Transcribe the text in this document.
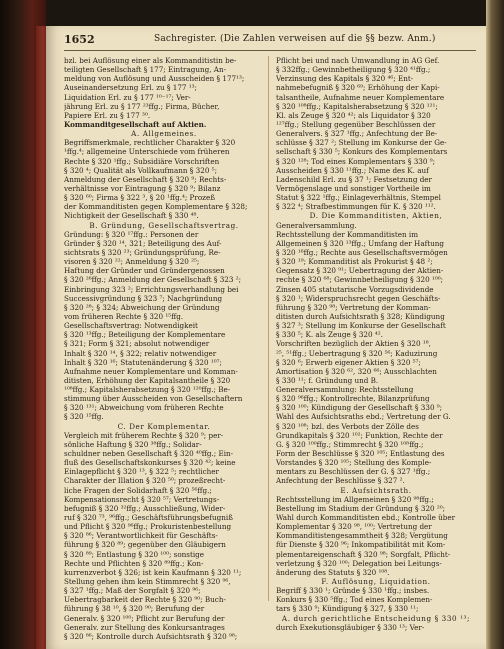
1652	Sachregister. (Die Zahlen verweisen auf die §§ bezw. Anm.)
bzl. bei Auflösung einer als Kommanditistin be-
teiligten Gesellschaft § 177; Eintragung, An-
meldung von Auflösung und Ausscheiden § 177¹³;
Auseinandersetzung Erl. zu § 177 ¹³;
Liquidation Erl. zu § 177 ¹⁰⁻¹⁷; Ver-
jährung Erl. zu § 177 ²³ffg.; Firma, Bücher,
Papiere Erl. zu § 177 ³⁰.
Kommanditgesellschaft auf Aktien.
A. Allgemeines.
Begriffsmerkmale, rechtlicher Charakter § 320
¹ffg.⁴; allgemeine Unterschiede vom früheren
Rechte § 320 ¹ffg.; Subsidiäre Vorschriften
§ 320 ⁴; Qualität als Vollkaufmann § 320 ⁵;
Anmeldung der Gesellschaft § 320 ⁹; Rechts-
verhältnisse vor Eintragung § 320 ⁹; Bilanz
§ 320 ⁶⁰; Firma § 322 ³, § 20 ¹ffg.⁴; Prozeß
der Kommanditisten gegen Komplementare § 328;
Nichtigkeit der Gesellschaft § 330 ⁴⁸.
B. Gründung, Gesellschaftsvertrag.
Gründung: § 320 ¹⁷ffg.: Personen der
Gründer § 320 ¹⁴, 321; Beteiligung des Auf-
sichtsrats § 320 ²³; Gründungsprüfung, Re-
visoren § 320 ²²; Anmeldung § 320 ²⁵;
Haftung der Gründer und Gründergenossen
§ 320 ²⁶ffg.; Anmeldung der Gesellschaft § 323 ²;
Einbringung 323 ²; Errichtungsverhandlung bei
Successivgründung § 323 ⁷; Nachgründung
§ 320 ²⁸; § 324; Abweichung der Gründung
vom früheren Rechte § 320 ¹⁵ffg.
Gesellschaftsvertrag: Notwendigkeit
§ 320 ¹³ffg.; Beteiligung der Komplementare
§ 321; Form § 321; absolut notwendiger
Inhalt § 320 ¹⁴, § 322; relativ notwendiger
Inhalt § 320 ¹⁶; Statutenänderung § 320 ¹⁰⁷;
Aufnahme neuer Komplementare und Komman-
ditisten, Erhöhung der Kapitalsantheile § 320
¹⁰⁸ffg.; Kapitalsherabsetzung § 320 ¹²⁰ffg.; Be-
stimmung über Ausscheiden von Gesellschaftern
§ 320 ¹³¹; Abweichung vom früheren Rechte
§ 320 ¹⁵ffg.
C. Der Komplementar.
Vergleich mit früherem Rechte § 320 ⁹; per-
sönliche Haftung § 320 ³⁸ffg.; Solidar-
schuldner neben Gesellschaft § 320 ⁴⁰ffg.; Ein-
fluß des Gesellschaftskonkurses § 320 ⁴²; keine
Einlagepflicht § 320 ¹³, § 322 ⁵; rechtlicher
Charakter der Illation § 320 ⁵⁰; prozeßrecht-
liche Fragen der Solidarhaft § 320 ⁵⁶ffg.;
Kompensationsrecht § 320 ⁵⁷; Vertretungs-
befugniß § 320 ³²ffg.; Ausschließung, Wider-
ruf § 320 ⁷³, ⁹⁶ffg.; Geschäftsführungsbefugniß
und Pflicht § 320 ⁹⁶ffg.; Prokuristenbestellung
§ 320 ⁸⁶; Verantwortlichkeit für Geschäfts-
führung § 320 ⁸⁹; gegenüber den Gläubigern
§ 320 ⁸⁹; Entlastung § 320 ¹⁰⁰; sonstige
Rechte und Pflichten § 320 ⁸⁹ffg.; Kon-
kurrenzverbot § 326; ist kein Kaufmann § 320 ¹¹;
Stellung gehen ihm kein Stimmrecht § 320 ⁹⁶,
§ 327 ¹ffg.; Maß der Sorgfalt § 320 ⁹⁶;
Uebertragbarkeit der Rechte § 320 ⁹⁰; Buch-
führung § 38 ¹⁰, § 320 ⁹⁰; Berufung der
Generalv. § 320 ¹⁰⁰; Pflicht zur Berufung der
Generalv. zur Stellung des Konkursantrages
§ 320 ⁸⁶; Kontrolle durch Aufsichtsrath § 320 ⁹⁸;
Pflicht bei und nach Umwandlung in AG Gef.
§ 332ffg.; Gewinnbetheiligung § 320 ⁴¹ffg.;
Verzinsung des Kapitals § 320 ⁴⁶; Ent-
nahmebefugniß § 320 ⁶⁹; Erhöhung der Kapi-
talsantheile, Aufnahme neuer Komplementare
§ 320 ¹⁰⁸ffg.; Kapitalsherabsetzung § 320 ¹²¹;
Kl. als Zeuge § 320 ⁴²; als Liquidator § 320
¹²⁷ffg.; Stellung gegenüber Beschlüssen der
Generalvers. § 327 ¹ffg.; Anfechtung der Be-
schlüsse § 327 ²; Stellung im Konkurse der Ge-
sellschaft § 330 ⁵; Konkurs des Komplementars
§ 320 ¹²⁸; Tod eines Komplementars § 330 ⁹;
Ausscheiden § 330 ¹¹ffg.; Name des K. auf
Ladenschild Erl. zu § 37 ¹; Festsetzung der
Vermögenslage und sonstiger Vortheile im
Statut § 322 ¹ffg.; Einlageverhältnis, Stempel
§ 322 ⁴; Strafbestimmungen für K. § 320 ¹¹².
D. Die Kommanditisten, Aktien,
Generalversammlung.
Rechtsstellung der Kommanditisten im
Allgemeinen § 320 ¹³ffg.; Umfang der Haftung
§ 320 ¹⁶ffg.; Rechte aus Gesellschaftsvermögen
§ 320 ¹⁹; Kommanditist als Prokurist § 48 ²;
Gegensatz § 320 ⁹¹; Uebertragung der Aktien-
rechte § 320 ⁶⁸; Gewinnbetheiligung § 320 ¹⁰⁰;
Zinsen 405 statutarische Vorzugsdividende
§ 320 ¹; Widerspruchsrecht gegen Geschäfts-
führung § 320 ⁹⁸; Vertretung der Komman-
ditisten durch Aufsichtsrath § 328; Kündigung
§ 327 ³; Stellung im Konkurse der Gesellschaft
§ 330 ⁵; K. als Zeuge § 320 ⁴².
Vorschriften bezüglich der Aktien § 320 ¹⁸,
²⁵, ⁵¹ffg.; Uebertragung § 320 ⁵⁶; Kaduzirung
§ 320 ⁶; Erwerb eigener Aktien § 320 ⁵⁷;
Amortisation § 320 ⁶², 320 ⁶⁶; Ausschlachten
§ 330 ¹¹; f. Gründung und B.
Generalversammlung: Rechtsstellung
§ 320 ⁹⁶ffg.; Kontrollrechte, Bilanzprüfung
§ 320 ¹⁰⁰; Kündigung der Gesellschaft § 330 ⁹;
Wahl des Aufsichtsraths ebd.; Vertretung der G.
§ 320 ¹⁰⁸; bzl. des Verbots der Zölle des
Grundkapitals § 320 ¹⁰²; Funktion, Rechte der
G. § 320 ¹⁰⁰ffg.; Stimmrecht § 320 ¹⁰⁸ffg.;
Form der Beschlüsse § 320 ¹⁰⁵; Entlastung des
Vorstandes § 320 ¹⁰⁵; Stellung des Komple-
mentars zu Beschlüssen der G. § 327 ¹ffg.;
Anfechtung der Beschlüsse § 327 ².
E. Aufsichtsrath.
Rechtsstellung im Allgemeinen § 320 ⁹⁸ffg.;
Bestellung im Stadium der Gründung § 320 ²⁰;
Wahl durch Kommanditisten ebd.; Kontrolle über
Komplementar § 320 ⁹⁸, ¹⁰⁰; Vertretung der
Kommanditistengesammtheit § 328; Vergütung
für Dienste § 320 ⁹⁶; Inkompatibilität mit Kom-
plementareigenschaft § 320 ⁹⁸; Sorgfalt, Pflicht-
verletzung § 320 ¹⁰⁰; Delegation bei Leitungs-
änderung des Statuts § 320 ¹⁰⁸.
F. Auflösung, Liquidation.
Begriff § 330 ¹; Gründe § 330 ¹ffg.; insbes.
Konkurs § 330 ⁵ffg.; Tod eines Komplemen-
tars § 330 ⁹; Kündigung § 327, § 330 ¹¹;
A. durch gerichtliche Entscheidung § 330 ¹³;
durch Exekutionsgläubiger § 330 ¹³; Ver-
